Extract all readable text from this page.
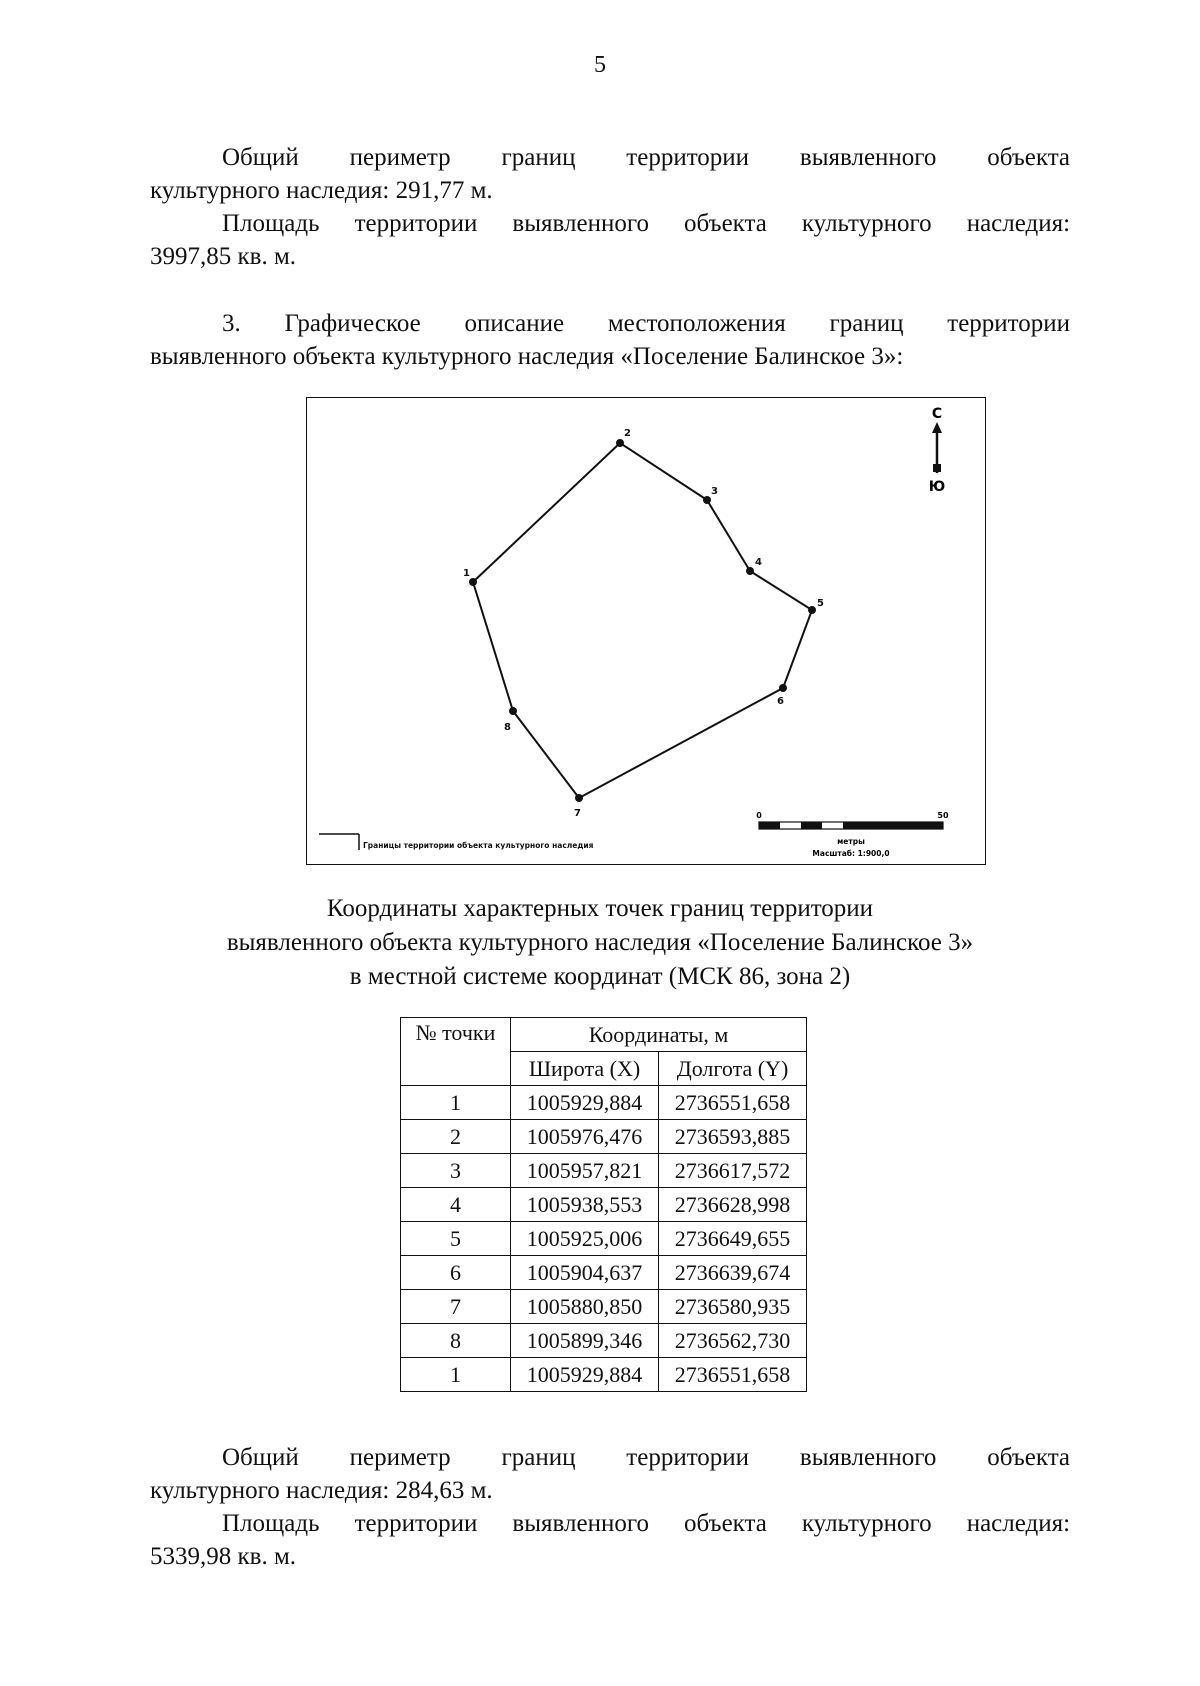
5
Общий периметр границ территории выявленного объекта
культурного наследия: 291,77 м.
Площадь территории выявленного объекта культурного наследия:
3997,85 кв. м.
3. Графическое описание местоположения границ территории
выявленного объекта культурного наследия «Поселение Балинское 3»:
1
2
3
4
5
6
7
8
С
Ю
Границы территории объекта культурного наследия
0	50
метры
Масштаб: 1:900,0
Координаты характерных точек границ территории
выявленного объекта культурного наследия «Поселение Балинское 3»
в местной системе координат (МСК 86, зона 2)
№ точки	Координаты, м	
	Широта (X)	Долгота (Y)
1	1005929,884	2736551,658
2	1005976,476	2736593,885
3	1005957,821	2736617,572
4	1005938,553	2736628,998
5	1005925,006	2736649,655
6	1005904,637	2736639,674
7	1005880,850	2736580,935
8	1005899,346	2736562,730
1	1005929,884	2736551,658
Общий периметр границ территории выявленного объекта
культурного наследия: 284,63 м.
Площадь территории выявленного объекта культурного наследия:
5339,98 кв. м.
